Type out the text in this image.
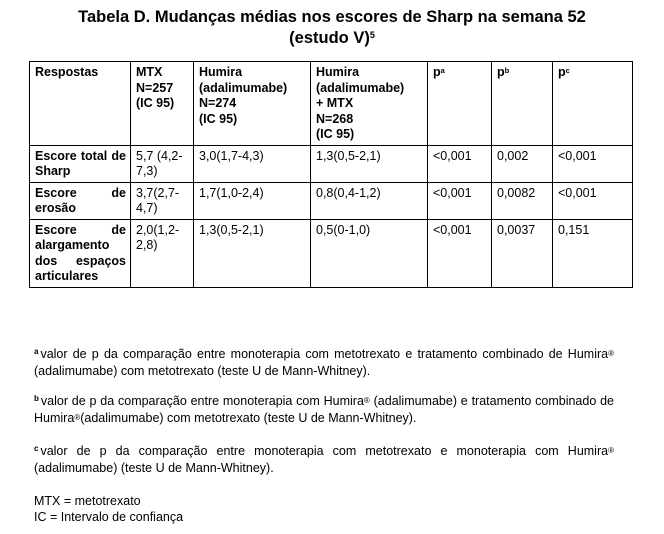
Tabela D. Mudanças médias nos escores de Sharp na semana 52
(estudo V)$^5$
Respostas	MTX
N=257
(IC 95)	Humira
(adalimumabe)
N=274
(IC 95)	Humira
(adalimumabe)
+ MTX
N=268
(IC 95)	$p^a$	$p^b$	$p^c$
Escore total de Sharp	5,7 (4,2-7,3)	3,0(1,7-4,3)	1,3(0,5-2,1)	<0,001	0,002	<0,001
Escore de erosão	3,7(2,7-4,7)	1,7(1,0-2,4)	0,8(0,4-1,2)	<0,001	0,0082	<0,001
Escore de alargamento dos espaços articulares	2,0(1,2-2,8)	1,3(0,5-2,1)	0,5(0-1,0)	<0,001	0,0037	0,151
$^a$ valor de p da comparação entre monoterapia com metotrexato e tratamento combinado de Humira® (adalimumabe) com metotrexato (teste U de Mann-Whitney).
$^b$ valor de p da comparação entre monoterapia com Humira® (adalimumabe) e tratamento combinado de Humira®(adalimumabe) com metotrexato (teste U de Mann-Whitney).
$^c$ valor de p da comparação entre monoterapia com metotrexato e monoterapia com Humira® (adalimumabe) (teste U de Mann-Whitney).
MTX = metotrexato
IC = Intervalo de confiança
